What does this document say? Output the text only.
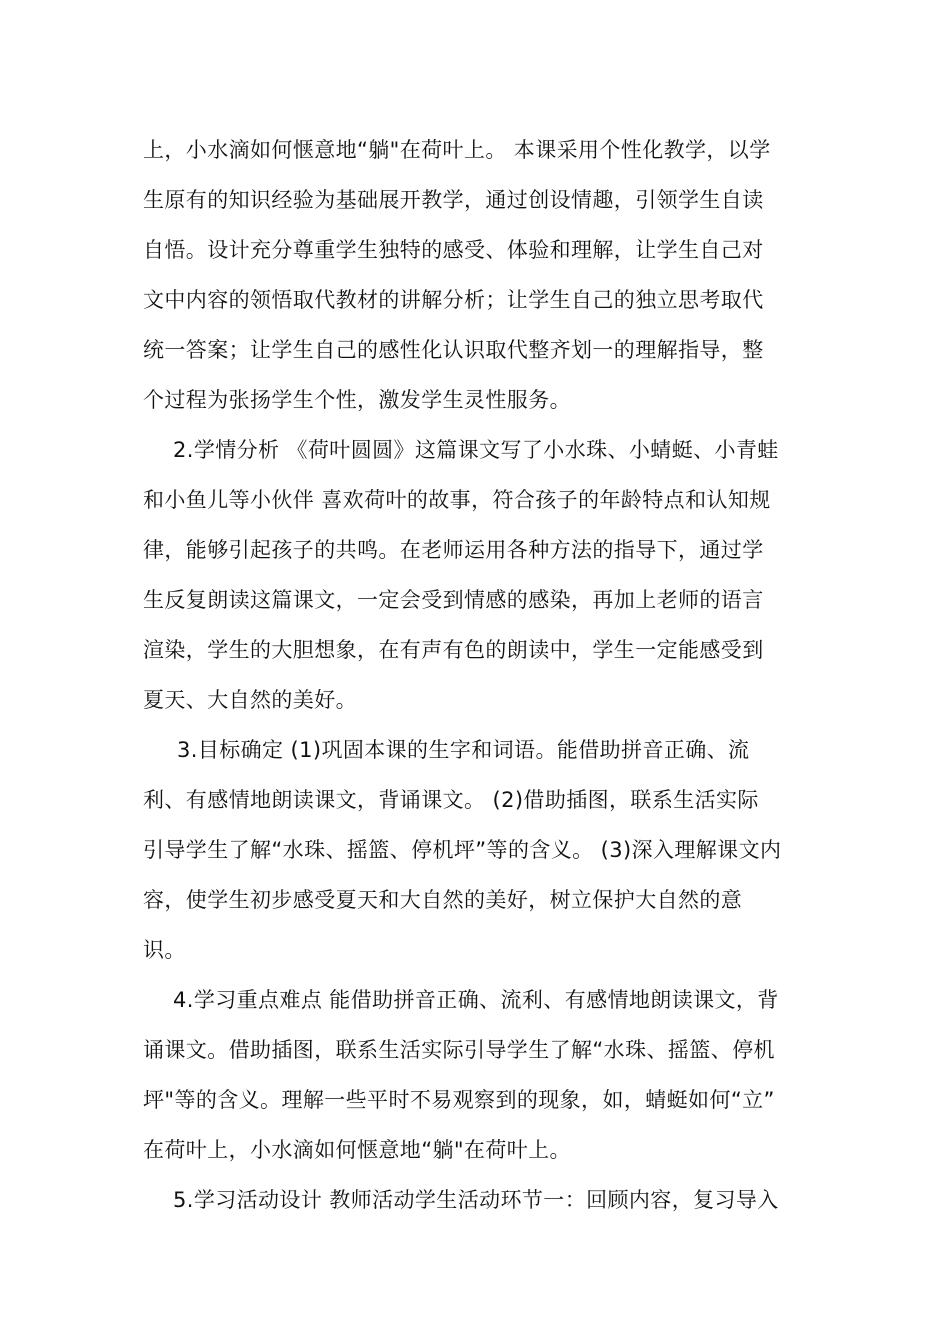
上，小水滴如何惬意地“躺"在荷叶上。 本课采用个性化教学，以学
生原有的知识经验为基础展开教学，通过创设情趣，引领学生自读
自悟。设计充分尊重学生独特的感受、体验和理解，让学生自己对
文中内容的领悟取代教材的讲解分析；让学生自己的独立思考取代
统一答案；让学生自己的感性化认识取代整齐划一的理解指导，整
个过程为张扬学生个性，激发学生灵性服务。
2.学情分析 《荷叶圆圆》这篇课文写了小水珠、小蜻蜓、小青蛙
和小鱼儿等小伙伴 喜欢荷叶的故事，符合孩子的年龄特点和认知规
律，能够引起孩子的共鸣。在老师运用各种方法的指导下，通过学
生反复朗读这篇课文，一定会受到情感的感染，再加上老师的语言
渲染，学生的大胆想象，在有声有色的朗读中，学生一定能感受到
夏天、大自然的美好。
3.目标确定 (1)巩固本课的生字和词语。能借助拼音正确、流
利、有感情地朗读课文，背诵课文。 (2)借助插图，联系生活实际
引导学生了解“水珠、摇篮、停机坪”等的含义。 (3)深入理解课文内
容，使学生初步感受夏天和大自然的美好，树立保护大自然的意
识。
4.学习重点难点 能借助拼音正确、流利、有感情地朗读课文，背
诵课文。借助插图，联系生活实际引导学生了解“水珠、摇篮、停机
坪"等的含义。理解一些平时不易观察到的现象，如，蜻蜓如何“立”
在荷叶上，小水滴如何惬意地“躺"在荷叶上。
5.学习活动设计 教师活动学生活动环节一：回顾内容，复习导入
